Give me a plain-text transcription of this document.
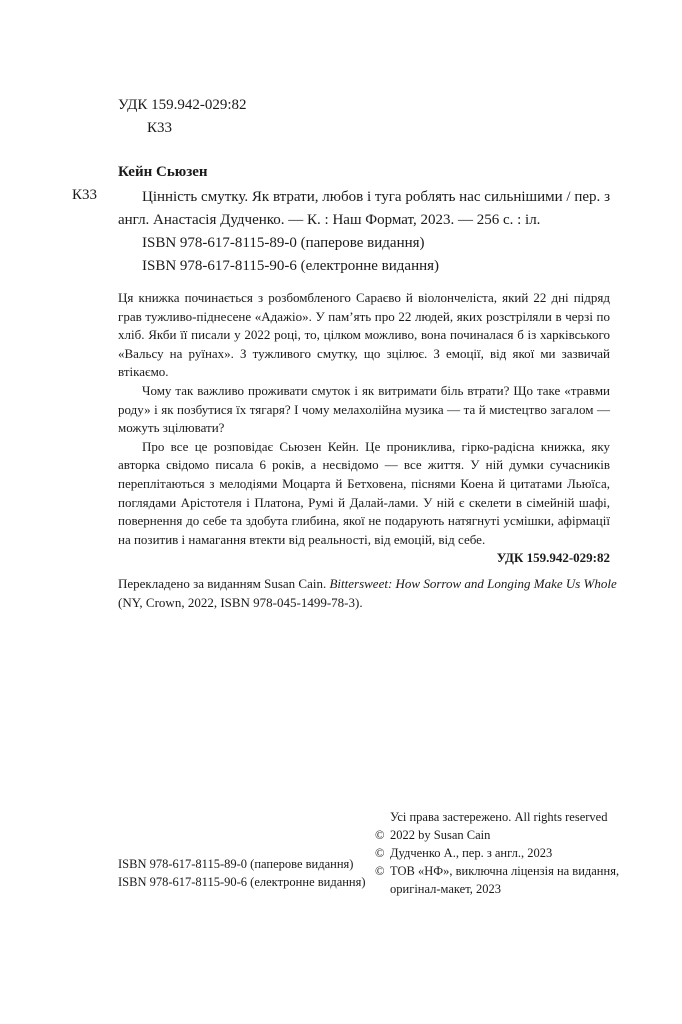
УДК 159.942-029:82
К33
Кейн Сьюзен
К33	Цінність смутку. Як втрати, любов і туга роблять нас сильнішими / пер. з англ. Анастасія Дудченко. — К. : Наш Формат, 2023. — 256 с. : іл.
ISBN 978-617-8115-89-0 (паперове видання)
ISBN 978-617-8115-90-6 (електронне видання)

Ця книжка починається з розбомбленого Сараєво й віолончеліста, який 22 дні підряд грав тужливо-піднесене «Адажіо». У пам’ять про 22 людей, яких розстріляли в черзі по хліб. Якби її писали у 2022 році, то, цілком можливо, вона починалася б із харківського «Вальсу на руїнах». З тужливого смутку, що зцілює. З емоції, від якої ми зазвичай втікаємо.

Чому так важливо проживати смуток і як витримати біль втрати? Що таке «травми роду» і як позбутися їх тягаря? І чому мелахолійна музика — та й мистецтво загалом — можуть зцілювати?

Про все це розповідає Сьюзен Кейн. Це прониклива, гірко-радісна книжка, яку авторка свідомо писала 6 років, а несвідомо — все життя. У ній думки сучасників переплітаються з мелодіями Моцарта й Бетховена, піснями Коена й цитатами Льюїса, поглядами Арістотеля і Платона, Румі й Далай-лами. У ній є скелети в сімейній шафі, повернення до себе та здобута глибина, якої не подарують натягнуті усмішки, афірмації на позитив і намагання втекти від реальності, від емоцій, від себе.

УДК 159.942-029:82

Перекладено за виданням Susan Cain. Bittersweet: How Sorrow and Longing Make Us Whole (NY, Crown, 2022, ISBN 978-045-1499-78-3).

ISBN 978-617-8115-89-0 (паперове видання)
ISBN 978-617-8115-90-6 (електронне видання)
Усі права застережено. All rights reserved
© 2022 by Susan Cain
© Дудченко А., пер. з англ., 2023
© ТОВ «НФ», виключна ліцензія на видання,
оригінал-макет, 2023
